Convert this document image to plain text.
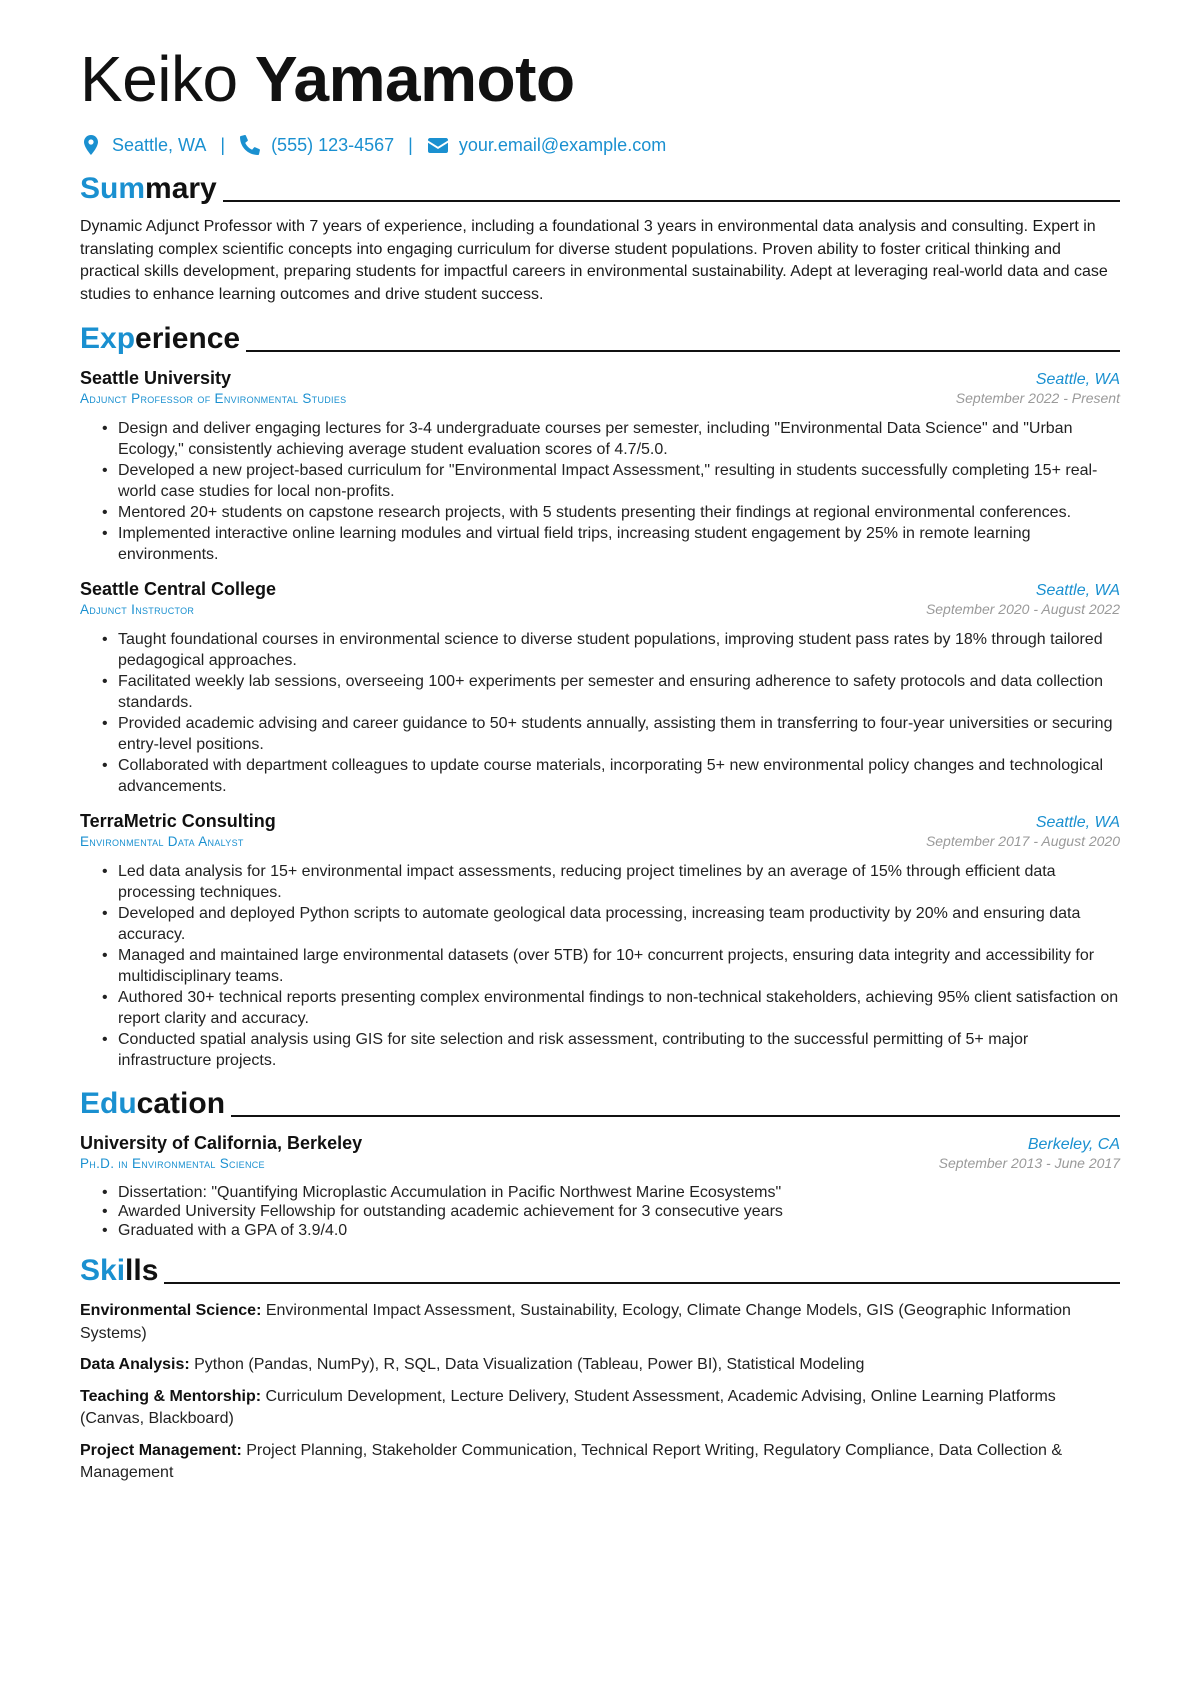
Keiko Yamamoto
Seattle, WA |	(555) 123-4567 |	your.email@example.com
Summary
Dynamic Adjunct Professor with 7 years of experience, including a foundational 3 years in environmental data analysis and consulting. Expert in translating complex scientific concepts into engaging curriculum for diverse student populations. Proven ability to foster critical thinking and practical skills development, preparing students for impactful careers in environmental sustainability. Adept at leveraging real-world data and case studies to enhance learning outcomes and drive student success.
Experience
Seattle University	Seattle, WA
Adjunct Professor of Environmental Studies	September 2022 - Present
• Design and deliver engaging lectures for 3-4 undergraduate courses per semester, including "Environmental Data Science" and "Urban Ecology," consistently achieving average student evaluation scores of 4.7/5.0.
• Developed a new project-based curriculum for "Environmental Impact Assessment," resulting in students successfully completing 15+ real-world case studies for local non-profits.
• Mentored 20+ students on capstone research projects, with 5 students presenting their findings at regional environmental conferences.
• Implemented interactive online learning modules and virtual field trips, increasing student engagement by 25% in remote learning environments.
Seattle Central College	Seattle, WA
Adjunct Instructor	September 2020 - August 2022
• Taught foundational courses in environmental science to diverse student populations, improving student pass rates by 18% through tailored pedagogical approaches.
• Facilitated weekly lab sessions, overseeing 100+ experiments per semester and ensuring adherence to safety protocols and data collection standards.
• Provided academic advising and career guidance to 50+ students annually, assisting them in transferring to four-year universities or securing entry-level positions.
• Collaborated with department colleagues to update course materials, incorporating 5+ new environmental policy changes and technological advancements.
TerraMetric Consulting	Seattle, WA
Environmental Data Analyst	September 2017 - August 2020
• Led data analysis for 15+ environmental impact assessments, reducing project timelines by an average of 15% through efficient data processing techniques.
• Developed and deployed Python scripts to automate geological data processing, increasing team productivity by 20% and ensuring data accuracy.
• Managed and maintained large environmental datasets (over 5TB) for 10+ concurrent projects, ensuring data integrity and accessibility for multidisciplinary teams.
• Authored 30+ technical reports presenting complex environmental findings to non-technical stakeholders, achieving 95% client satisfaction on report clarity and accuracy.
• Conducted spatial analysis using GIS for site selection and risk assessment, contributing to the successful permitting of 5+ major infrastructure projects.
Education
University of California, Berkeley	Berkeley, CA
Ph.D. in Environmental Science	September 2013 - June 2017
• Dissertation: "Quantifying Microplastic Accumulation in Pacific Northwest Marine Ecosystems"
• Awarded University Fellowship for outstanding academic achievement for 3 consecutive years
• Graduated with a GPA of 3.9/4.0
Skills
Environmental Science: Environmental Impact Assessment, Sustainability, Ecology, Climate Change Models, GIS (Geographic Information Systems)
Data Analysis: Python (Pandas, NumPy), R, SQL, Data Visualization (Tableau, Power BI), Statistical Modeling
Teaching & Mentorship: Curriculum Development, Lecture Delivery, Student Assessment, Academic Advising, Online Learning Platforms (Canvas, Blackboard)
Project Management: Project Planning, Stakeholder Communication, Technical Report Writing, Regulatory Compliance, Data Collection & Management
